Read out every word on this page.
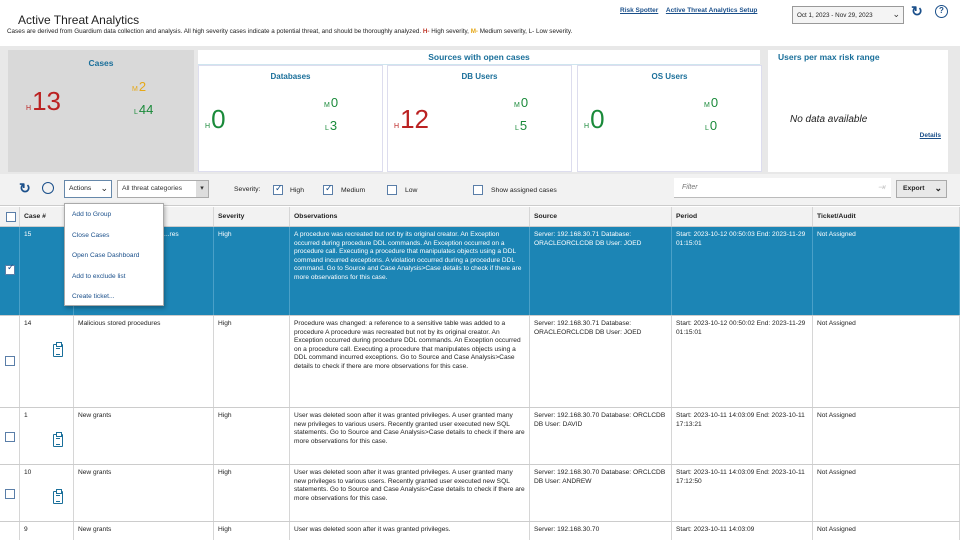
Active Threat Analytics
Cases are derived from Guardium data collection and analysis. All high severity cases indicate a potential threat, and should be thoroughly analyzed. H- High severity, M- Medium severity, L- Low severity.
Risk Spotter Active Threat Analytics Setup
Oct 1, 2023 - Nov 29, 2023 ⌄ ↻	?
Cases
H13	M2
L44
Sources with open cases
Databases
H0	M0
L3
DB Users
H12	M0
L5
OS Users
H0	M0
L0
Users per max risk range
No data available
Details
↻	Actions ⌄	All threat categories	▾	Severity: ✓	High ✓	Medium	Low	Show assigned cases	Filter	⇥	Export ⌄
Case #	Severity	Observations	Source	Period	Ticket/Audit
✓
15	...res	High	A procedure was recreated but not by its original creator. An Exception occurred during procedure DDL commands. An Exception occurred on a procedure call. Executing a procedure that manipulates objects using a DDL command incurred exceptions. A violation occurred during a procedure DDL command. Go to Source and Case Analysis>Case details to check if there are more observations for this case.
Server: 192.168.30.71 Database: ORACLEORCLCDB DB User: JOED
Start: 2023-10-12 00:50:03 End: 2023-11-29 01:15:01
Not Assigned
14	Malicious stored procedures	High	Procedure was changed: a reference to a sensitive table was added to a procedure A procedure was recreated but not by its original creator. An Exception occurred during procedure DDL commands. An Exception occurred on a procedure call. Executing a procedure that manipulates objects using a DDL command incurred exceptions. Go to Source and Case Analysis>Case details to check if there are more observations for this case.
Server: 192.168.30.71 Database: ORACLEORCLCDB DB User: JOED
Start: 2023-10-12 00:50:02 End: 2023-11-29 01:15:01
Not Assigned
1	New grants	High	User was deleted soon after it was granted privileges. A user granted many new privileges to various users. Recently granted user executed new SQL statements. Go to Source and Case Analysis>Case details to check if there are more observations for this case.
Server: 192.168.30.70 Database: ORCLCDB DB User: DAVID
Start: 2023-10-11 14:03:09 End: 2023-10-11 17:13:21
Not Assigned
10	New grants	High	User was deleted soon after it was granted privileges. A user granted many new privileges to various users. Recently granted user executed new SQL statements. Go to Source and Case Analysis>Case details to check if there are more observations for this case.
Server: 192.168.30.70 Database: ORCLCDB DB User: ANDREW
Start: 2023-10-11 14:03:09 End: 2023-10-11 17:12:50
Not Assigned
9	New grants	High	User was deleted soon after it was granted privileges.	Server: 192.168.30.70	Start: 2023-10-11 14:03:09	Not Assigned
Add to Group
Close Cases
Open Case Dashboard
Add to exclude list
Create ticket...
